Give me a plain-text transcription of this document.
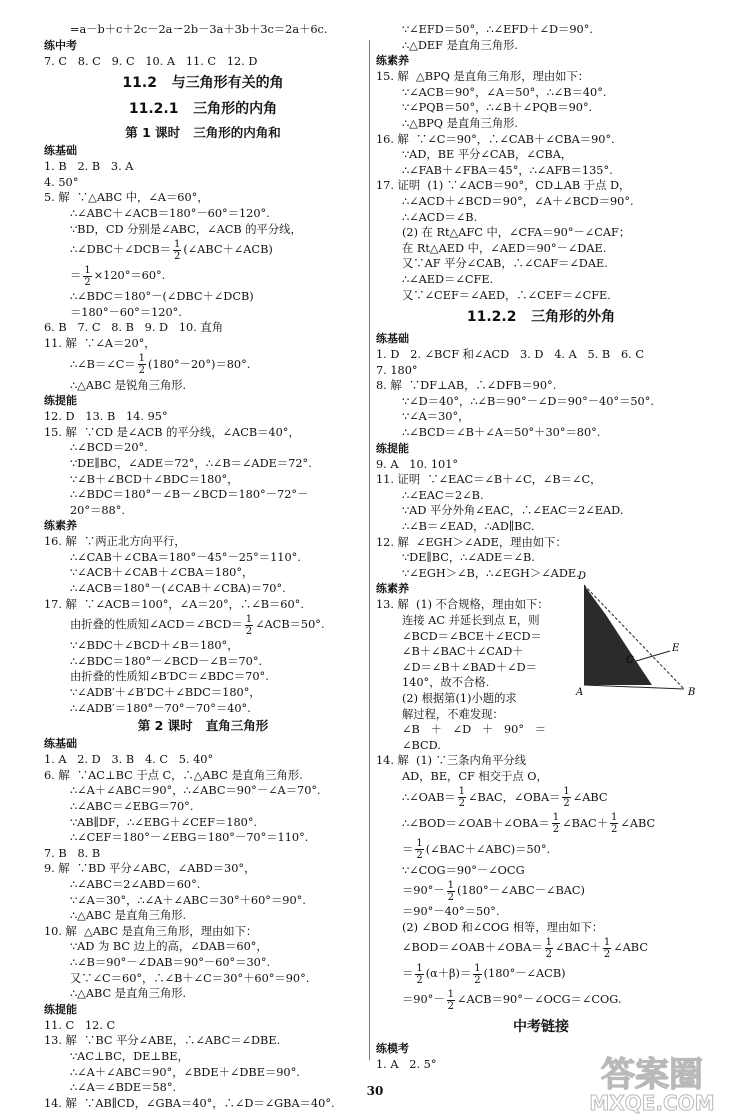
=a－b＋c＋2c－2a－2b－3a＋3b＋3c＝2a＋6c.
练中考
7. C   8. C   9. C   10. A   11. C   12. D
11.2   与三角形有关的角
11.2.1   三角形的内角
第 1 课时   三角形的内角和
练基础
1. B   2. B   3. A
4. 50°
5. 解  ∵△ABC 中，∠A＝60°，
∴∠ABC＋∠ACB＝180°－60°＝120°.
∵BD，CD 分别是∠ABC，∠ACB 的平分线，
∴∠DBC＋∠DCB＝ $\frac{1}{2}$ (∠ABC＋∠ACB)
＝ $\frac{1}{2} \times 120^\circ=60^\circ$.
∴∠BDC＝180°－(∠DBC＋∠DCB)
＝180°－60°＝120°.
6. B   7. C   8. B   9. D   10. 直角
11. 解  ∵∠A＝20°，
∴∠B＝∠C＝ $\frac{1}{2} (180^\circ-20^\circ)=80^\circ$.
∴△ABC 是锐角三角形.
练提能
12. D   13. B   14. 95°
15. 解  ∵CD 是∠ACB 的平分线，∠ACB＝40°，
∴∠BCD＝20°.
∵DE∥BC，∠ADE＝72°，∴∠B＝∠ADE＝72°.
∵∠B＋∠BCD＋∠BDC＝180°，
∴∠BDC＝180°－∠B－∠BCD＝180°－72°－
20°＝88°.
练素养
16. 解  ∵两正北方向平行，
∴∠CAB＋∠CBA＝180°－45°－25°＝110°.
∵∠ACB＋∠CAB＋∠CBA＝180°，
∴∠ACB＝180°－(∠CAB＋∠CBA)＝70°.
17. 解  ∵∠ACB＝100°，∠A＝20°，∴∠B＝60°.
由折叠的性质知∠ACD＝∠BCD＝ $\frac{1}{2}$ ∠ACB＝50°.
∵∠BDC＋∠BCD＋∠B＝180°，
∴∠BDC＝180°－∠BCD－∠B＝70°.
由折叠的性质知∠B′DC＝∠BDC＝70°.
∵∠ADB′＋∠B′DC＋∠BDC＝180°，
∴∠ADB′＝180°－70°－70°＝40°.
第 2 课时   直角三角形
练基础
1. A   2. D   3. B   4. C   5. 40°
6. 解  ∵AC⊥BC 于点 C，∴△ABC 是直角三角形.
∴∠A＋∠ABC＝90°，∴∠ABC＝90°－∠A＝70°.
∴∠ABC＝∠EBG＝70°.
∵AB∥DF，∴∠EBG＋∠CEF＝180°.
∴∠CEF＝180°－∠EBG＝180°－70°＝110°.
7. B   8. B
9. 解  ∵BD 平分∠ABC，∠ABD＝30°，
∴∠ABC＝2∠ABD＝60°.
∵∠A＝30°，∴∠A＋∠ABC＝30°＋60°＝90°.
∴△ABC 是直角三角形.
10. 解  △ABC 是直角三角形，理由如下：
∵AD 为 BC 边上的高，∠DAB＝60°，
∴∠B＝90°－∠DAB＝90°－60°＝30°.
又∵∠C＝60°，∴∠B＋∠C＝30°＋60°＝90°.
∴△ABC 是直角三角形.
练提能
11. C   12. C
13. 解  ∵BC 平分∠ABE，∴∠ABC＝∠DBE.
∵AC⊥BC，DE⊥BE，
∴∠A＋∠ABC＝90°，∠BDE＋∠DBE＝90°.
∴∠A＝∠BDE＝58°.
14. 解  ∵AB∥CD，∠GBA＝40°，∴∠D＝∠GBA＝40°.
∵∠EFD＝50°，∴∠EFD＋∠D＝90°.
∴△DEF 是直角三角形.
练素养
15. 解  △BPQ 是直角三角形，理由如下：
∵∠ACB＝90°，∠A＝50°，∴∠B＝40°.
∵∠PQB＝50°，∴∠B＋∠PQB＝90°.
∴△BPQ 是直角三角形.
16. 解  ∵∠C＝90°，∴∠CAB＋∠CBA＝90°.
∵AD，BE 平分∠CAB，∠CBA，
∴∠FAB＋∠FBA＝45°，∴∠AFB＝135°.
17. 证明  (1) ∵∠ACB＝90°，CD⊥AB 于点 D，
∴∠ACD＋∠BCD＝90°，∠A＋∠BCD＝90°.
∴∠ACD＝∠B.
(2) 在 Rt△AFC 中，∠CFA＝90°－∠CAF；
在 Rt△AED 中，∠AED＝90°－∠DAE.
又∵AF 平分∠CAB，∴∠CAF＝∠DAE.
∴∠AED＝∠CFE.
又∵∠CEF＝∠AED，∴∠CEF＝∠CFE.
11.2.2   三角形的外角
练基础
1. D   2. ∠BCF 和∠ACD   3. D   4. A   5. B   6. C
7. 180°
8. 解  ∵DF⊥AB，∴∠DFB＝90°.
∵∠D＝40°，∴∠B＝90°－∠D＝90°－40°＝50°.
∵∠A＝30°，
∴∠BCD＝∠B＋∠A＝50°＋30°＝80°.
练提能
9. A   10. 101°
11. 证明  ∵∠EAC＝∠B＋∠C，∠B＝∠C，
∴∠EAC＝2∠B.
∵AD 平分外角∠EAC，∴∠EAC＝2∠EAD.
∴∠B＝∠EAD，∴AD∥BC.
12. 解  ∠EGH＞∠ADE，理由如下：
∵DE∥BC，∴∠ADE＝∠B.
∵∠EGH＞∠B，∴∠EGH＞∠ADE.
练素养
13. 解  (1) 不合规格，理由如下：
连接 AC 并延长到点 E，则
∠BCD＝∠BCE＋∠ECD＝
∠B＋∠BAC＋∠CAD＋
∠D＝∠B＋∠BAD＋∠D＝
140°，故不合格.
(2) 根据第(1)小题的求
解过程，不难发现：
∠B   ＋   ∠D   ＋   90°   ＝
∠BCD.
14. 解  (1) ∵三条内角平分线
AD，BE，CF 相交于点 O，
∴∠OAB＝ $\frac{1}{2}$ ∠BAC，∠OBA＝ $\frac{1}{2}$ ∠ABC
∴∠BOD＝∠OAB＋∠OBA＝ $\frac{1}{2}$ ∠BAC＋ $\frac{1}{2}$ ∠ABC
＝ $\frac{1}{2}$ (∠BAC＋∠ABC)＝50°.
∵∠COG＝90°－∠OCG
$=90^\circ- \frac{1}{2}$ (180°－∠ABC－∠BAC)
＝90°－40°＝50°.
(2) ∠BOD 和∠COG 相等，理由如下：
∠BOD＝∠OAB＋∠OBA＝ $\frac{1}{2}$ ∠BAC＋ $\frac{1}{2}$ ∠ABC
＝ $\frac{1}{2} (\alpha+\beta)= \frac{1}{2}$ (180°－∠ACB)
$=90^\circ- \frac{1}{2}$ ∠ACB＝90°－∠OCG＝∠COG.
中考链接
练模考
1. A   2. 5°
D
E
C
A	B
30	答案圈
MXQE.COM
